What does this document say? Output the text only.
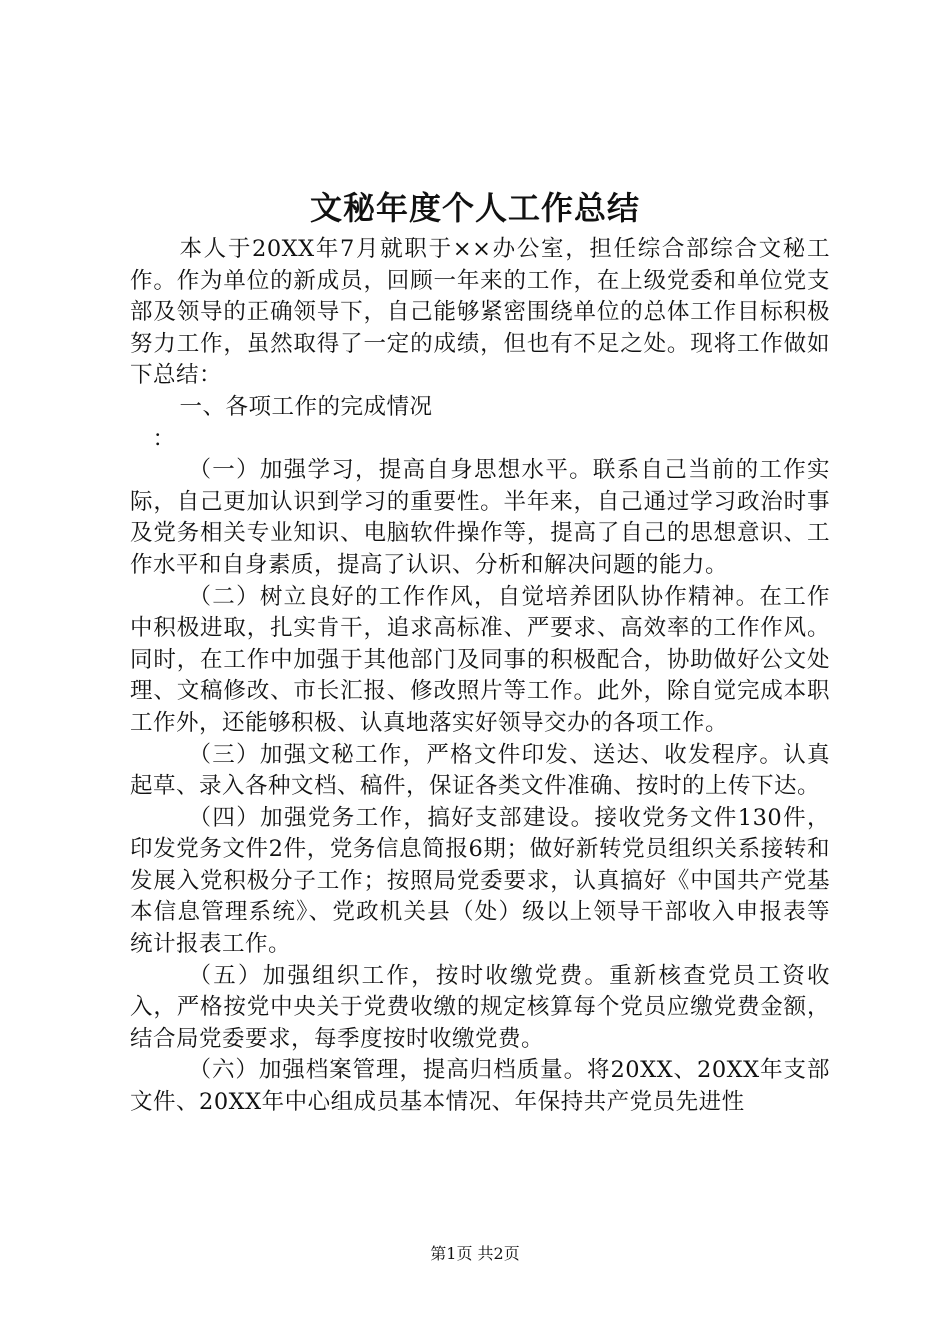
文秘年度个人工作总结

本人于20XX年7月就职于××办公室，担任综合部综合文秘工作。作为单位的新成员，回顾一年来的工作，在上级党委和单位党支部及领导的正确领导下，自己能够紧密围绕单位的总体工作目标积极努力工作，虽然取得了一定的成绩，但也有不足之处。现将工作做如下总结：

一、各项工作的完成情况

：

（一）加强学习，提高自身思想水平。联系自己当前的工作实际，自己更加认识到学习的重要性。半年来，自己通过学习政治时事及党务相关专业知识、电脑软件操作等，提高了自己的思想意识、工作水平和自身素质，提高了认识、分析和解决问题的能力。

（二）树立良好的工作作风，自觉培养团队协作精神。在工作中积极进取，扎实肯干，追求高标准、严要求、高效率的工作作风。同时，在工作中加强于其他部门及同事的积极配合，协助做好公文处理、文稿修改、市长汇报、修改照片等工作。此外，除自觉完成本职工作外，还能够积极、认真地落实好领导交办的各项工作。

（三）加强文秘工作，严格文件印发、送达、收发程序。认真起草、录入各种文档、稿件，保证各类文件准确、按时的上传下达。

（四）加强党务工作，搞好支部建设。接收党务文件130件，印发党务文件2件，党务信息简报6期；做好新转党员组织关系接转和发展入党积极分子工作；按照局党委要求，认真搞好《中国共产党基本信息管理系统》、党政机关县（处）级以上领导干部收入申报表等统计报表工作。

（五）加强组织工作，按时收缴党费。重新核查党员工资收入，严格按党中央关于党费收缴的规定核算每个党员应缴党费金额，结合局党委要求，每季度按时收缴党费。

（六）加强档案管理，提高归档质量。将20XX、20XX年支部文件、20XX年中心组成员基本情况、年保持共产党员先进性

第1页 共2页
